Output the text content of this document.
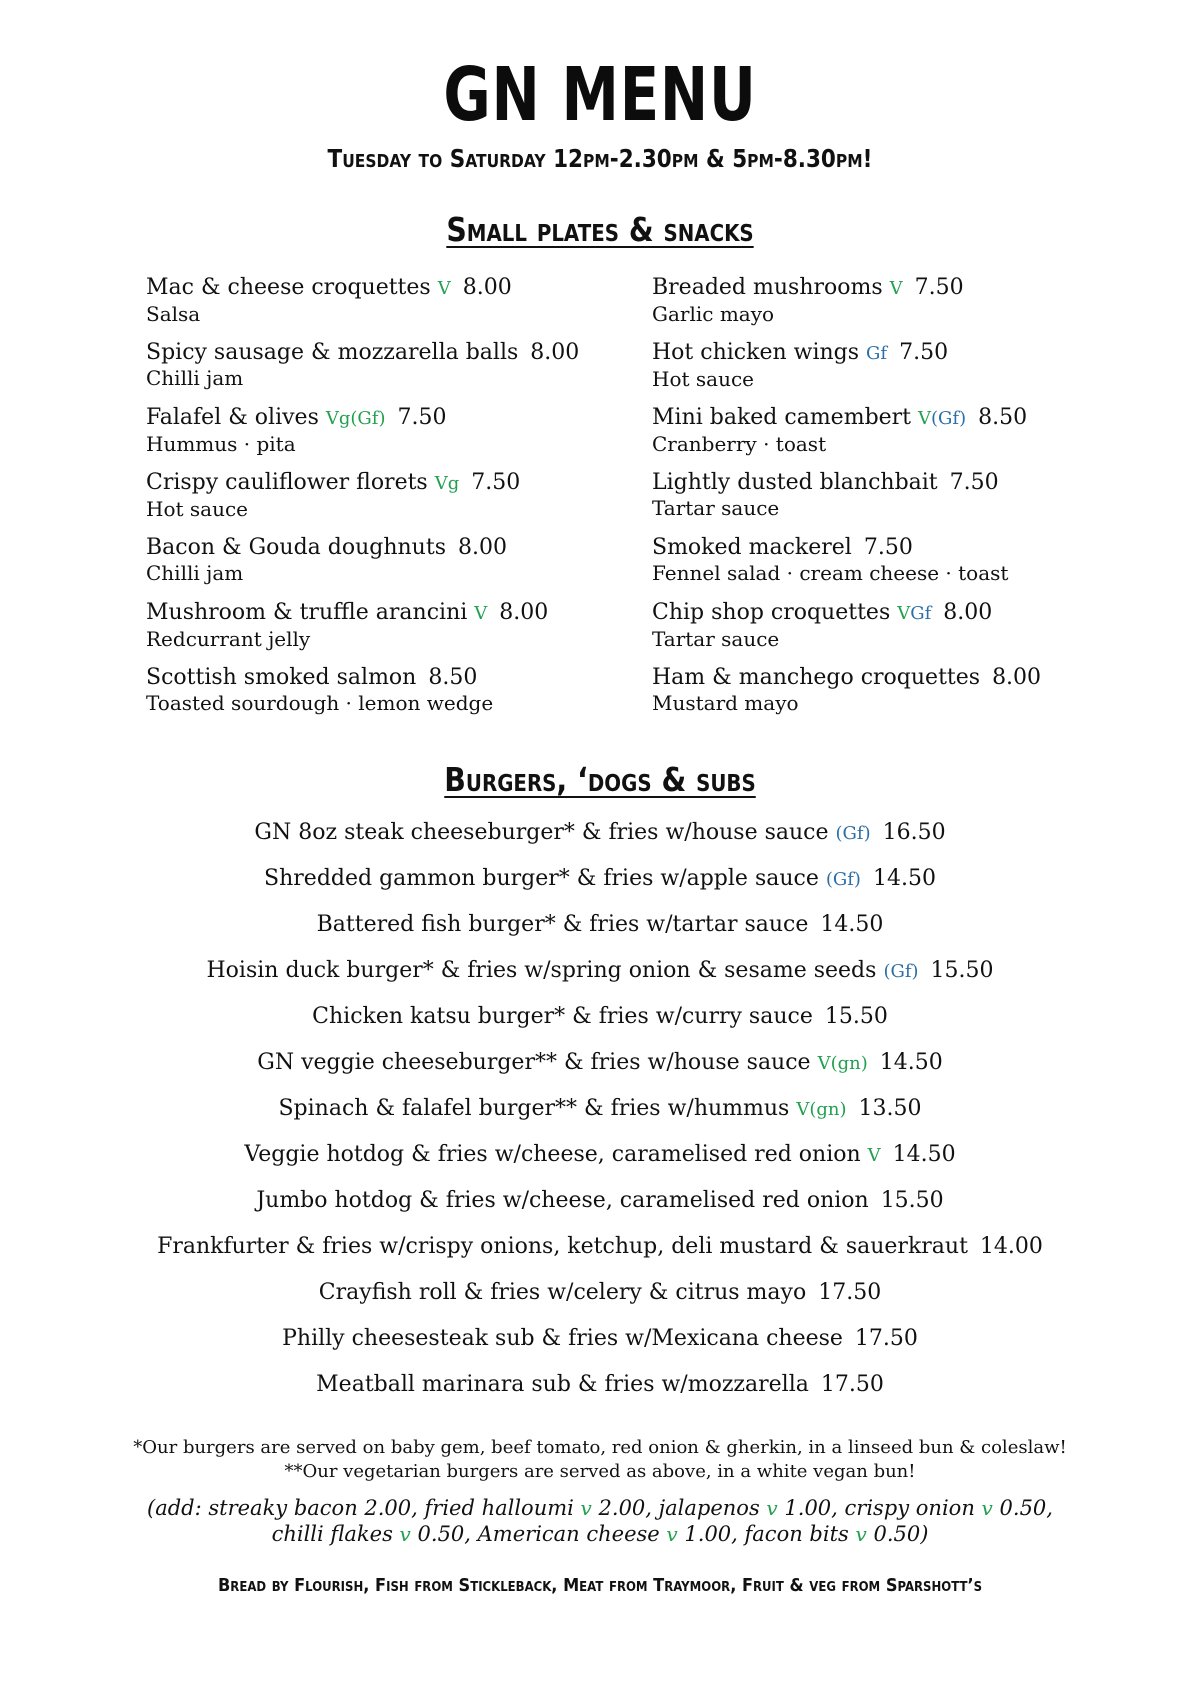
GN MENU
Tuesday to Saturday 12pm-2.30pm & 5pm-8.30pm!
Small plates & snacks
Mac & cheese croquettes V 8.00
Salsa
Spicy sausage & mozzarella balls 8.00
Chilli jam
Falafel & olives Vg(Gf) 7.50
Hummus · pita
Crispy cauliflower florets Vg 7.50
Hot sauce
Bacon & Gouda doughnuts 8.00
Chilli jam
Mushroom & truffle arancini V 8.00
Redcurrant jelly
Scottish smoked salmon 8.50
Toasted sourdough · lemon wedge
Breaded mushrooms V 7.50
Garlic mayo
Hot chicken wings Gf 7.50
Hot sauce
Mini baked camembert V(Gf) 8.50
Cranberry · toast
Lightly dusted blanchbait 7.50
Tartar sauce
Smoked mackerel 7.50
Fennel salad · cream cheese · toast
Chip shop croquettes VGf 8.00
Tartar sauce
Ham & manchego croquettes 8.00
Mustard mayo
Burgers, ‘dogs & subs
GN 8oz steak cheeseburger* & fries w/house sauce (Gf) 16.50
Shredded gammon burger* & fries w/apple sauce (Gf) 14.50
Battered fish burger* & fries w/tartar sauce 14.50
Hoisin duck burger* & fries w/spring onion & sesame seeds (Gf) 15.50
Chicken katsu burger* & fries w/curry sauce 15.50
GN veggie cheeseburger** & fries w/house sauce V(gn) 14.50
Spinach & falafel burger** & fries w/hummus V(gn) 13.50
Veggie hotdog & fries w/cheese, caramelised red onion V 14.50
Jumbo hotdog & fries w/cheese, caramelised red onion 15.50
Frankfurter & fries w/crispy onions, ketchup, deli mustard & sauerkraut 14.00
Crayfish roll & fries w/celery & citrus mayo 17.50
Philly cheesesteak sub & fries w/Mexicana cheese 17.50
Meatball marinara sub & fries w/mozzarella 17.50
*Our burgers are served on baby gem, beef tomato, red onion & gherkin, in a linseed bun & coleslaw!
**Our vegetarian burgers are served as above, in a white vegan bun!
(add: streaky bacon 2.00, fried halloumi v 2.00, jalapenos v 1.00, crispy onion v 0.50,
chilli flakes v 0.50, American cheese v 1.00, facon bits v 0.50)
Bread by Flourish, Fish from Stickleback, Meat from Traymoor, Fruit & veg from Sparshott’s
